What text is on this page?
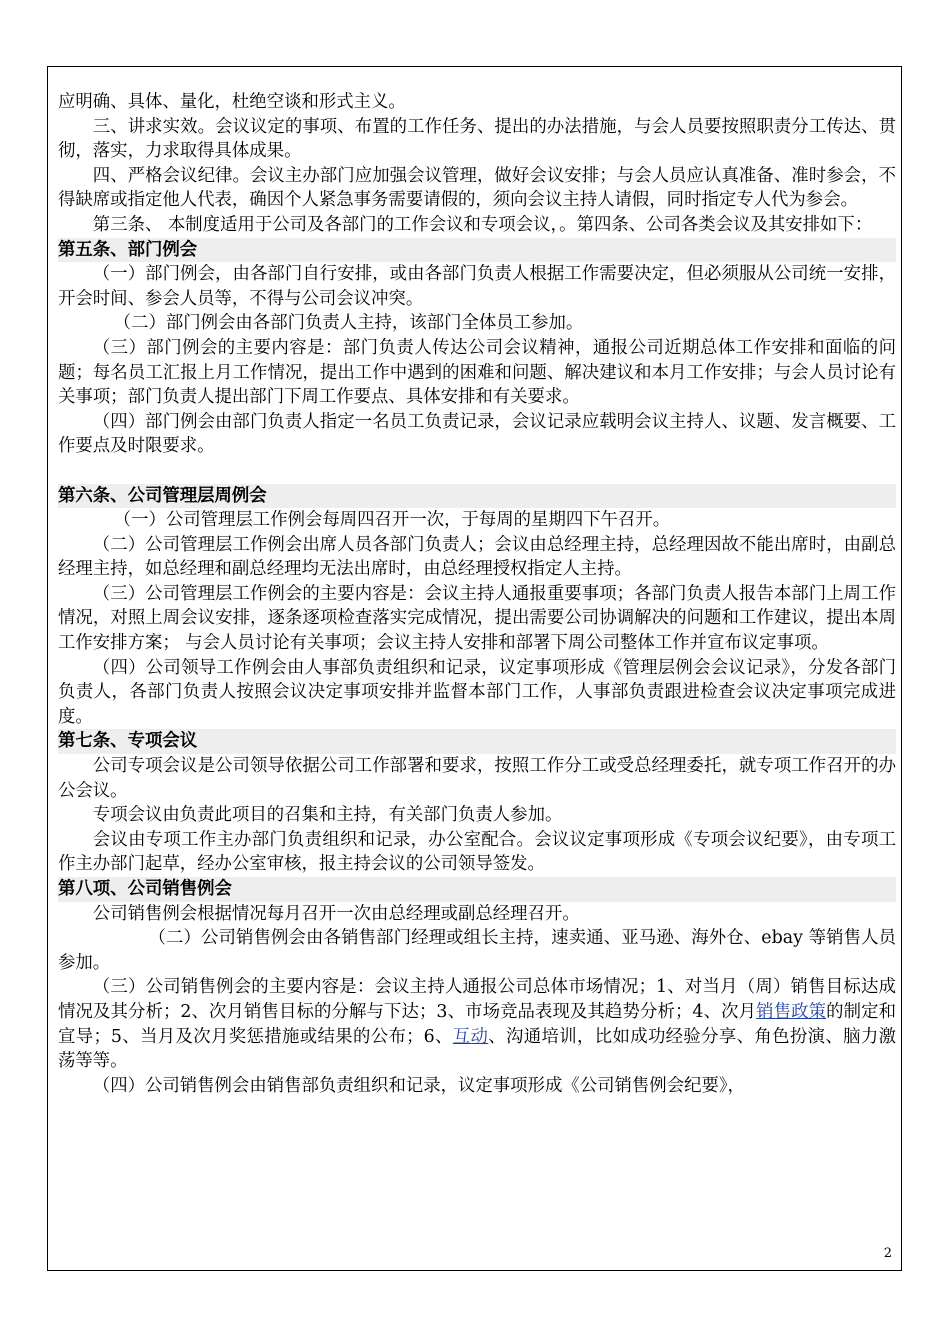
应明确、具体、量化，杜绝空谈和形式主义。

三、讲求实效。会议议定的事项、布置的工作任务、提出的办法措施，与会人员要按照职责分工传达、贯彻，落实，力求取得具体成果。

四、严格会议纪律。会议主办部门应加强会议管理，做好会议安排；与会人员应认真准备、准时参会，不得缺席或指定他人代表，确因个人紧急事务需要请假的，须向会议主持人请假，同时指定专人代为参会。

第三条、 本制度适用于公司及各部门的工作会议和专项会议，。第四条、公司各类会议及其安排如下：

第五条、部门例会

（一）部门例会，由各部门自行安排，或由各部门负责人根据工作需要决定，但必须服从公司统一安排，开会时间、参会人员等，不得与公司会议冲突。

（二）部门例会由各部门负责人主持，该部门全体员工参加。

（三）部门例会的主要内容是：部门负责人传达公司会议精神，通报公司近期总体工作安排和面临的问题；每名员工汇报上月工作情况，提出工作中遇到的困难和问题、解决建议和本月工作安排；与会人员讨论有关事项；部门负责人提出部门下周工作要点、具体安排和有关要求。

（四）部门例会由部门负责人指定一名员工负责记录，会议记录应载明会议主持人、议题、发言概要、工作要点及时限要求。

第六条、公司管理层周例会

（一）公司管理层工作例会每周四召开一次，于每周的星期四下午召开。

（二）公司管理层工作例会出席人员各部门负责人；会议由总经理主持，总经理因故不能出席时，由副总经理主持，如总经理和副总经理均无法出席时，由总经理授权指定人主持。

（三）公司管理层工作例会的主要内容是：会议主持人通报重要事项；各部门负责人报告本部门上周工作情况，对照上周会议安排，逐条逐项检查落实完成情况，提出需要公司协调解决的问题和工作建议，提出本周工作安排方案； 与会人员讨论有关事项；会议主持人安排和部署下周公司整体工作并宣布议定事项。

（四）公司领导工作例会由人事部负责组织和记录，议定事项形成《管理层例会会议记录》，分发各部门负责人，各部门负责人按照会议决定事项安排并监督本部门工作，人事部负责跟进检查会议决定事项完成进度。

第七条、专项会议

公司专项会议是公司领导依据公司工作部署和要求，按照工作分工或受总经理委托，就专项工作召开的办公会议。

专项会议由负责此项目的召集和主持，有关部门负责人参加。

会议由专项工作主办部门负责组织和记录，办公室配合。会议议定事项形成《专项会议纪要》，由专项工作主办部门起草，经办公室审核，报主持会议的公司领导签发。

第八项、公司销售例会

公司销售例会根据情况每月召开一次由总经理或副总经理召开。

（二）公司销售例会由各销售部门经理或组长主持，速卖通、亚马逊、海外仓、ebay 等销售人员参加。

（三）公司销售例会的主要内容是：会议主持人通报公司总体市场情况；1、对当月（周）销售目标达成情况及其分析；2、次月销售目标的分解与下达；3、市场竞品表现及其趋势分析；4、次月销售政策的制定和宣导；5、当月及次月奖惩措施或结果的公布；6、互动、沟通培训，比如成功经验分享、角色扮演、脑力激荡等等。

（四）公司销售例会由销售部负责组织和记录，议定事项形成《公司销售例会纪要》，

2
